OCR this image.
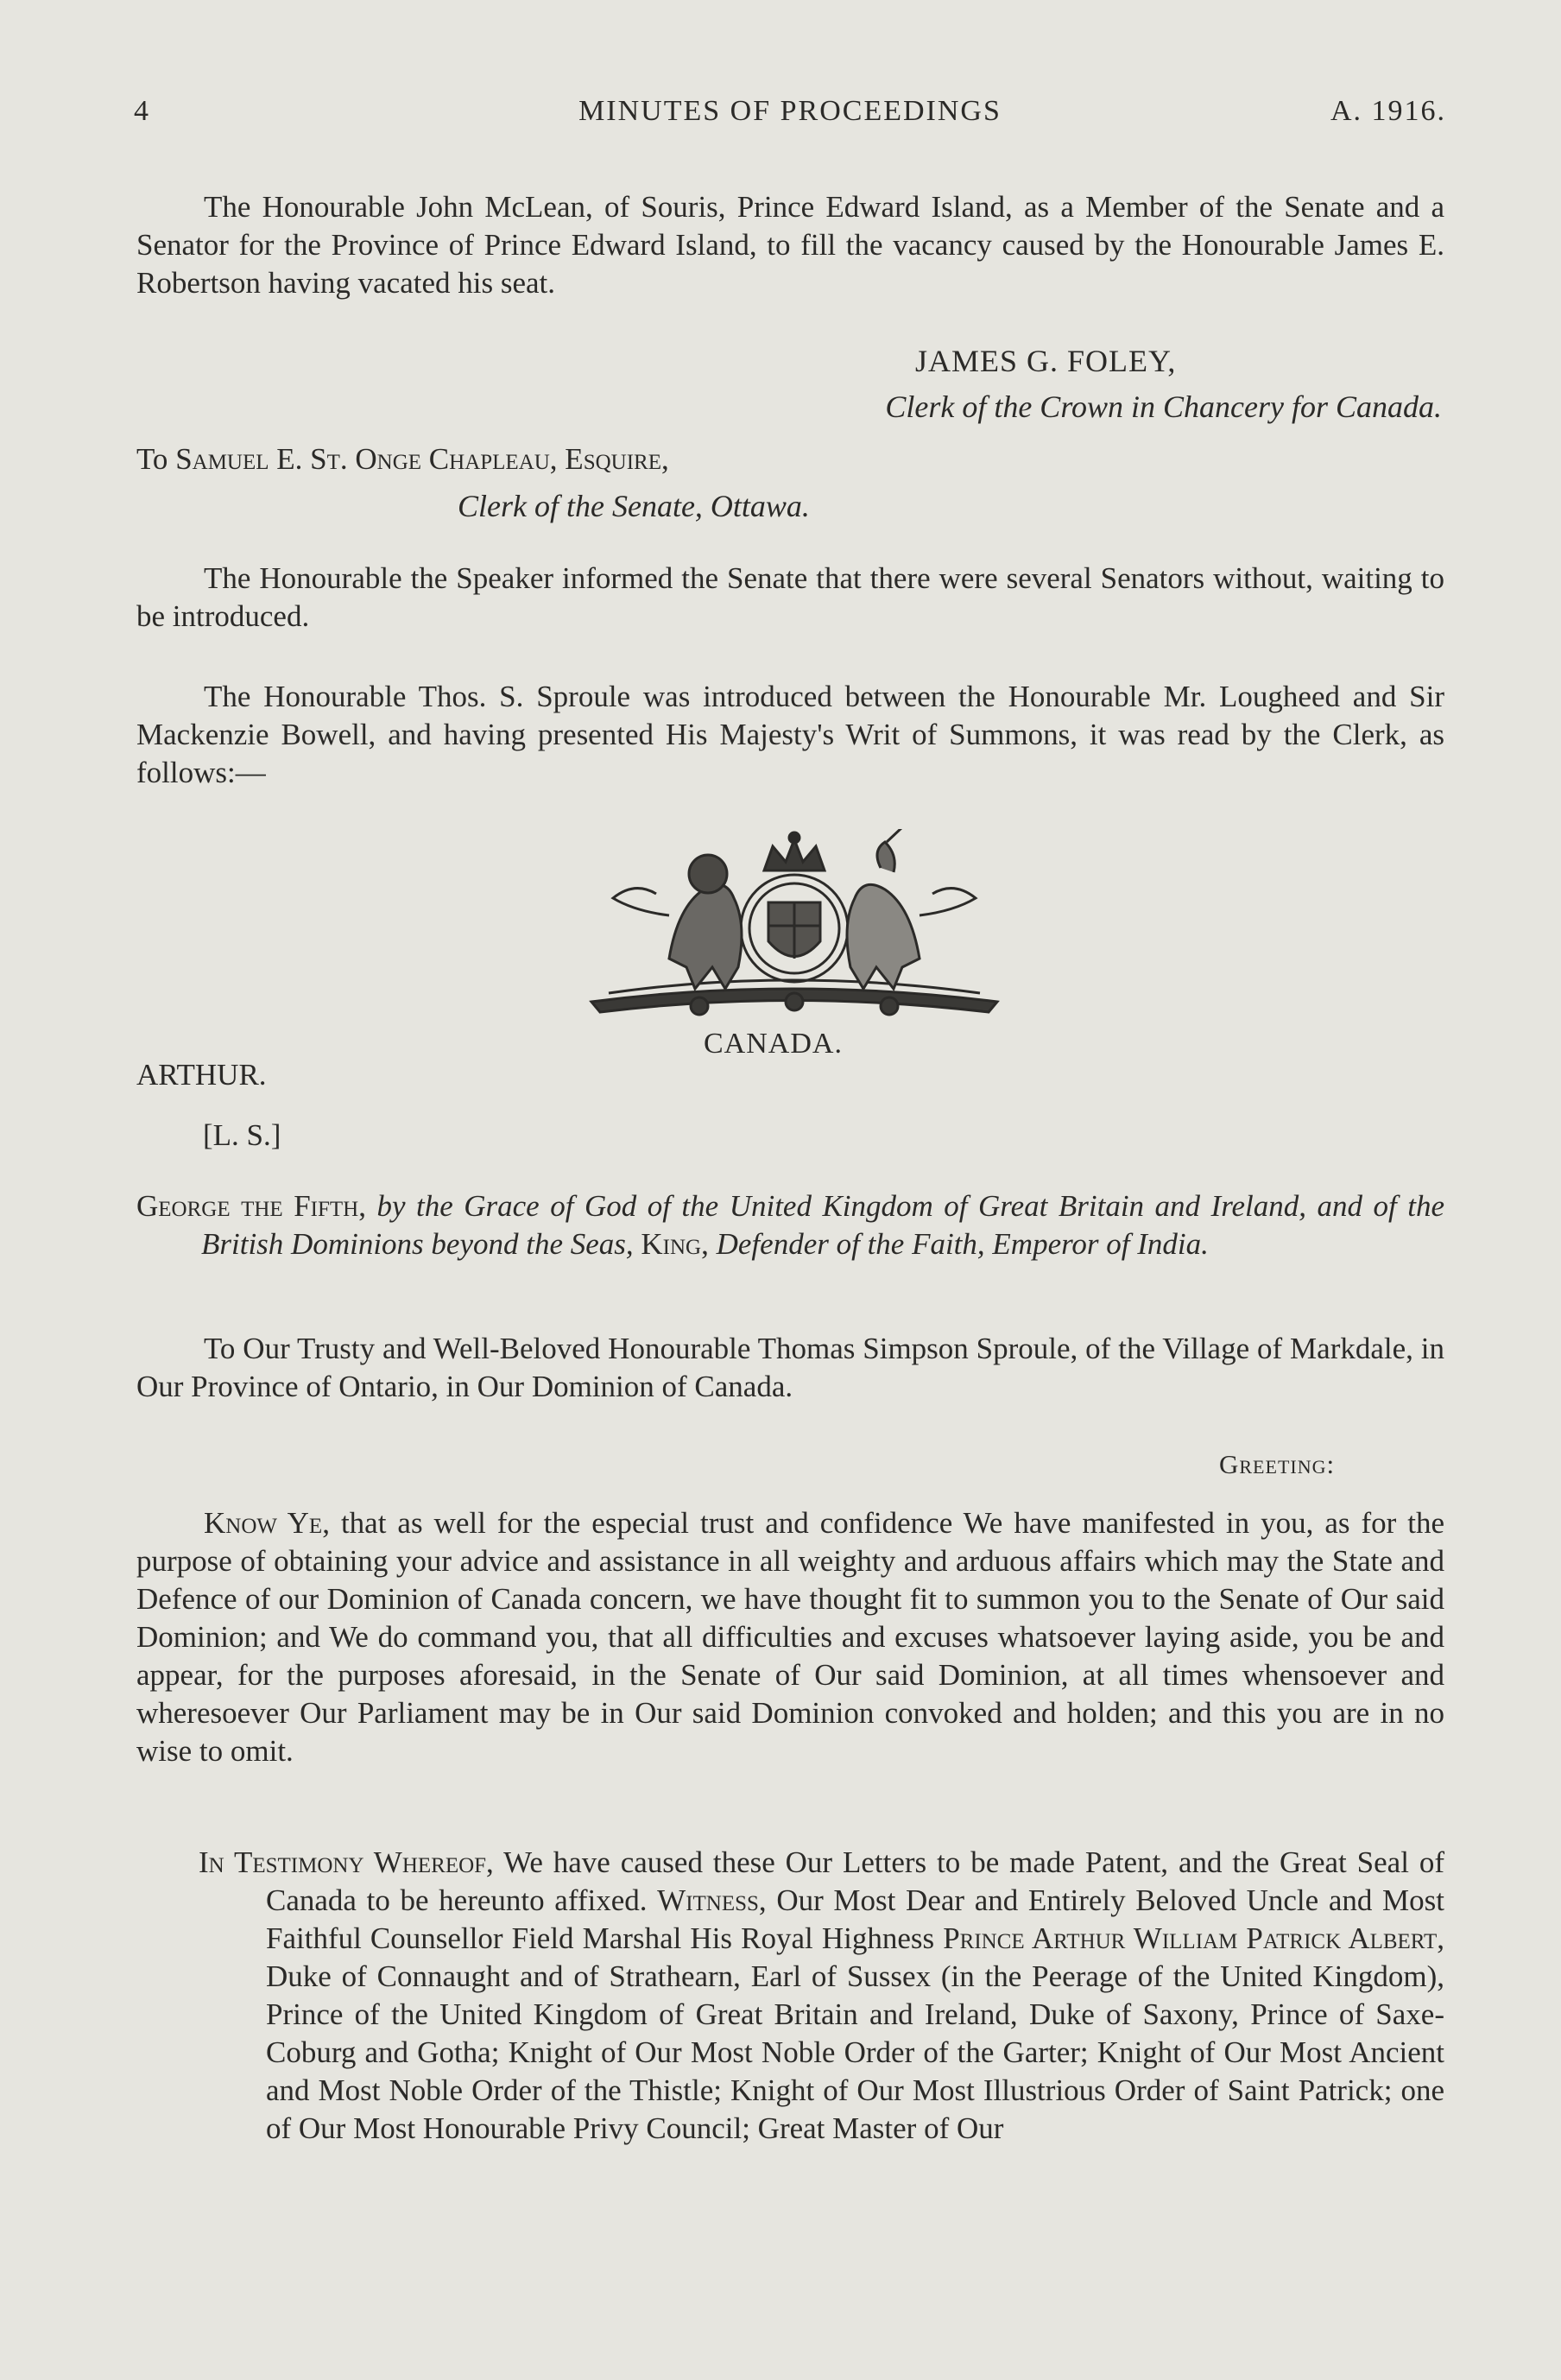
4	MINUTES OF PROCEEDINGS	A. 1916.
The Honourable John McLean, of Souris, Prince Edward Island, as a Member of the Senate and a Senator for the Province of Prince Edward Island, to fill the vacancy caused by the Honourable James E. Robertson having vacated his seat.
JAMES G. FOLEY,
Clerk of the Crown in Chancery for Canada.
To Samuel E. St. Onge Chapleau, Esquire,
Clerk of the Senate, Ottawa.
The Honourable the Speaker informed the Senate that there were several Senators without, waiting to be introduced.
The Honourable Thos. S. Sproule was introduced between the Honourable Mr. Lougheed and Sir Mackenzie Bowell, and having presented His Majesty's Writ of Summons, it was read by the Clerk, as follows:—
CANADA.
ARTHUR.
[L. S.]
George the Fifth, by the Grace of God of the United Kingdom of Great Britain and Ireland, and of the British Dominions beyond the Seas, King, Defender of the Faith, Emperor of India.
To Our Trusty and Well-Beloved Honourable Thomas Simpson Sproule, of the Village of Markdale, in Our Province of Ontario, in Our Dominion of Canada.
Greeting:
Know Ye, that as well for the especial trust and confidence We have manifested in you, as for the purpose of obtaining your advice and assistance in all weighty and arduous affairs which may the State and Defence of our Dominion of Canada concern, we have thought fit to summon you to the Senate of Our said Dominion; and We do command you, that all difficulties and excuses whatsoever laying aside, you be and appear, for the purposes aforesaid, in the Senate of Our said Dominion, at all times whensoever and wheresoever Our Parliament may be in Our said Dominion convoked and holden; and this you are in no wise to omit.
In Testimony Whereof, We have caused these Our Letters to be made Patent, and the Great Seal of Canada to be hereunto affixed. Witness, Our Most Dear and Entirely Beloved Uncle and Most Faithful Counsellor Field Marshal His Royal Highness Prince Arthur William Patrick Albert, Duke of Connaught and of Strathearn, Earl of Sussex (in the Peerage of the United Kingdom), Prince of the United Kingdom of Great Britain and Ireland, Duke of Saxony, Prince of Saxe-Coburg and Gotha; Knight of Our Most Noble Order of the Garter; Knight of Our Most Ancient and Most Noble Order of the Thistle; Knight of Our Most Illustrious Order of Saint Patrick; one of Our Most Honourable Privy Council; Great Master of Our
